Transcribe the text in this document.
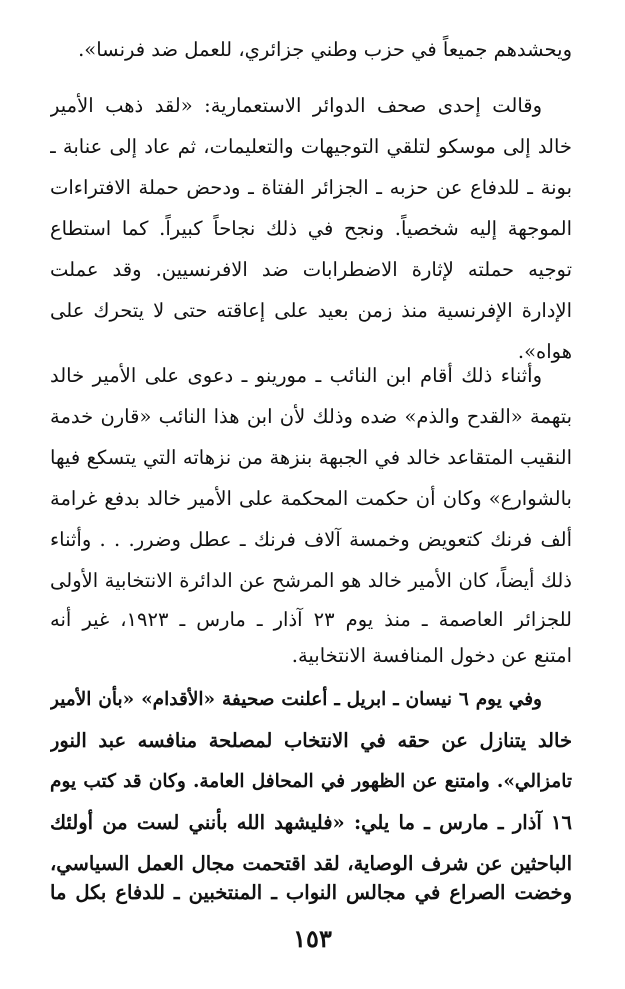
ويحشدهم جميعاً في حزب وطني جزائري، للعمل ضد فرنسا».
وقالت إحدى صحف الدوائر الاستعمارية: «لقد ذهب الأمير
خالد إلى موسكو لتلقي التوجيهات والتعليمات، ثم عاد إلى عنابة ـ
بونة ـ للدفاع عن حزبه ـ الجزائر الفتاة ـ ودحض حملة الافتراءات
الموجهة إليه شخصياً. ونجح في ذلك نجاحاً كبيراً. كما استطاع
توجيه حملته لإثارة الاضطرابات ضد الافرنسيين. وقد عملت
الإدارة الإفرنسية منذ زمن بعيد على إعاقته حتى لا يتحرك على
هواه».
وأثناء ذلك أقام ابن النائب ـ مورينو ـ دعوى على الأمير خالد
بتهمة «القدح والذم» ضده وذلك لأن ابن هذا النائب «قارن خدمة
النقيب المتقاعد خالد في الجبهة بنزهة من نزهاته التي يتسكع فيها
بالشوارع» وكان أن حكمت المحكمة على الأمير خالد بدفع غرامة
ألف فرنك كتعويض وخمسة آلاف فرنك ـ عطل وضرر. . . وأثناء
ذلك أيضاً، كان الأمير خالد هو المرشح عن الدائرة الانتخابية الأولى
للجزائر العاصمة ـ منذ يوم ٢٣ آذار ـ مارس ـ ١٩٢٣، غير أنه
امتنع عن دخول المنافسة الانتخابية.
وفي يوم ٦ نيسان ـ ابريل ـ أعلنت صحيفة «الأقدام» «بأن الأمير
خالد يتنازل عن حقه في الانتخاب لمصلحة منافسه عبد النور
تامزالي». وامتنع عن الظهور في المحافل العامة. وكان قد كتب يوم
١٦ آذار ـ مارس ـ ما يلي: «فليشهد الله بأنني لست من أولئك
الباحثين عن شرف الوصاية، لقد اقتحمت مجال العمل السياسي،
وخضت الصراع في مجالس النواب ـ المنتخبين ـ للدفاع بكل ما
١٥٣
